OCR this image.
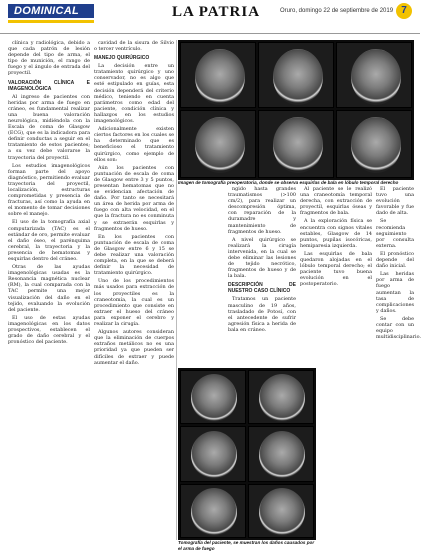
DOMINICAL	LA PATRIA	Oruro, domingo 22 de septiembre de 2019 7

clínica y radiológica, debido a que cada patrón de lesión depende del tipo de arma, el tipo de munición, el rango de fuego y el ángulo de entrada del proyectil.

VALORACIÓN CLÍNICA E IMAGENOLÓGICA

Al ingreso de pacientes con heridas por arma de fuego en cráneo, es fundamental realizar una buena valoración neurológica, midiéndola con la Escala de coma de Glasgow (ECG), que es la indicadora para definir conductas a seguir en el tratamiento de estos pacientes; a su vez debe valorarse la trayectoria del proyectil.

Los estudios imagenológicos forman parte del apoyo diagnóstico, permitiendo evaluar trayectoria del proyectil, localización, estructuras comprometidas y presencia de fracturas, así como la ayuda en el momento de tomar decisiones sobre el manejo.

El uso de la tomografía axial computarizada (TAC) es el estándar de oro, permite evaluar el daño óseo, el parénquima cerebral, la trayectoria y la presencia de hematomas y esquirlas dentro del cráneo.

Otras de las ayudas imagenológicas usadas es la Resonancia magnética nuclear (RM), la cual comparada con la TAC permite una mejor visualización del daño en el tejido, evaluando la evolución del paciente.

El uso de estas ayudas imagenológicas en los datos prospectivos, establecen el grado de daño cerebral y el pronóstico del paciente.

cavidad de la sisura de Silvio o tercer ventrículo.

MANEJO QUIRÚRGICO

La decisión entre un tratamiento quirúrgico y uno conservador, no es algo que esté estipulado en guías, esta decisión dependerá del criterio médico, teniendo en cuenta parámetros como edad del paciente, condición clínica y hallazgos en los estudios imagenológicos.

Adicionalmente existen ciertos factores en los cuales se ha determinado que es beneficioso el tratamiento quirúrgico, como ejemplo de ellos son:

Aún los pacientes con puntuación de escala de coma de Glasgow entre 3 y 5 puntos, presentan hematomas que no se evidencian afectación de daño. Por tanto se necesitará un área de herida por arma de fuego con alta velocidad, en el que la fractura no es conminuta y se extraerán esquirlas y fragmentos de hueso.

En los pacientes con puntuación de escala de coma de Glasgow entre 6 y 15 se debe realizar una valoración completa, en la que se deberá definir la necesidad de tratamiento quirúrgico.

Uno de los procedimientos más usados para extracción de los proyectiles es la craneotomía, la cual es un procedimiento que consiste en extraer el hueso del cráneo para exponer el cerebro y realizar la cirugía.

Algunos autores consideran que la eliminación de cuerpos extraños metálicos no es una prioridad ya que pueden ser difíciles de extraer y puede aumentar el daño.

Imagen de tomografía preoperatoria, donde se observa esquirlas de bala en lóbulo temporal derecho

ngido hasta grandes traumatismos (>100 cm/2), para realizar un descompresión óptima, con reparación de la duramadre y mantenimiento de fragmentos de hueso.

A nivel quirúrgico se realizará la cirugía intervenida, en la cual se debe eliminar las lesiones de tejido necrótico, fragmentos de hueso y de la bala.

DESCRIPCIÓN DE NUESTRO CASO CLÍNICO

Tratamos un paciente masculino de 19 años, trasladado de Potosí, con el antecedente de sufrir agresión física a herida de bala en cráneo.

Al paciente se le realizó una craneotomía temporal derecha, con extracción de proyectil, esquirlas óseas y fragmentos de bala.

A la exploración física se encuentra con signos vitales estables, Glasgow de 14 puntos, pupilas isocóricas, hemiparesia izquierda.

Las esquirlas de bala quedaron alojadas en el lóbulo temporal derecho; el paciente tuvo buena evolución en el postoperatorio.

El paciente tuvo una evolución favorable y fue dado de alta.

Se recomienda seguimiento por consulta externa.

El pronóstico depende del daño inicial.

Las heridas por arma de fuego aumentan la tasa de complicaciones y daños.

Se debe contar con un equipo multidisciplinario.

Tomografía del paciente, se muestran los daños causados por el arma de fuego
